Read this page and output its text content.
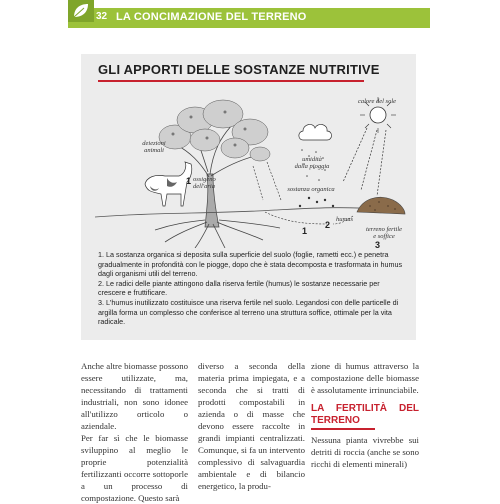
32 LA CONCIMAZIONE DEL TERRENO
GLI APPORTI DELLE SOSTANZE NUTRITIVE
calore del sole
deiezioni
animali
umidità
dalla pioggia
ossigeno
dell'aria	sostanza organica
humus
terreno fertile
e soffice
1
2
3
1

1. La sostanza organica si deposita sulla superficie del suolo (foglie, rametti ecc.) e penetra gradualmente in profondità con le piogge, dopo che è stata decomposta e trasformata in humus dagli organismi utili del terreno.

2. Le radici delle piante attingono dalla riserva fertile (humus) le sostanze necessarie per crescere e fruttificare.

3. L'humus inutilizzato costituisce una riserva fertile nel suolo. Legandosi con delle particelle di argilla forma un complesso che conferisce al terreno una struttura soffice, ottimale per la vita radicale.

Anche altre biomasse possono essere utilizzate, ma, necessitando di trattamenti industriali, non sono idonee all'utilizzo orticolo o aziendale.

Per far sì che le biomasse sviluppino al meglio le proprie potenzialità fertilizzanti occorre sottoporle a un processo di compostazione. Questo sarà

diverso a seconda della materia prima impiegata, e a seconda che si tratti di prodotti compostabili in azienda o di masse che devono essere raccolte in grandi impianti centralizzati. Comunque, si fa un intervento complessivo di salvaguardia ambientale e di bilancio energetico, la produ-

zione di humus attraverso la compostazione delle biomasse è assolutamente irrinunciabile.

LA FERTILITÀ DEL TERRENO

Nessuna pianta vivrebbe sui detriti di roccia (anche se sono ricchi di elementi minerali)
